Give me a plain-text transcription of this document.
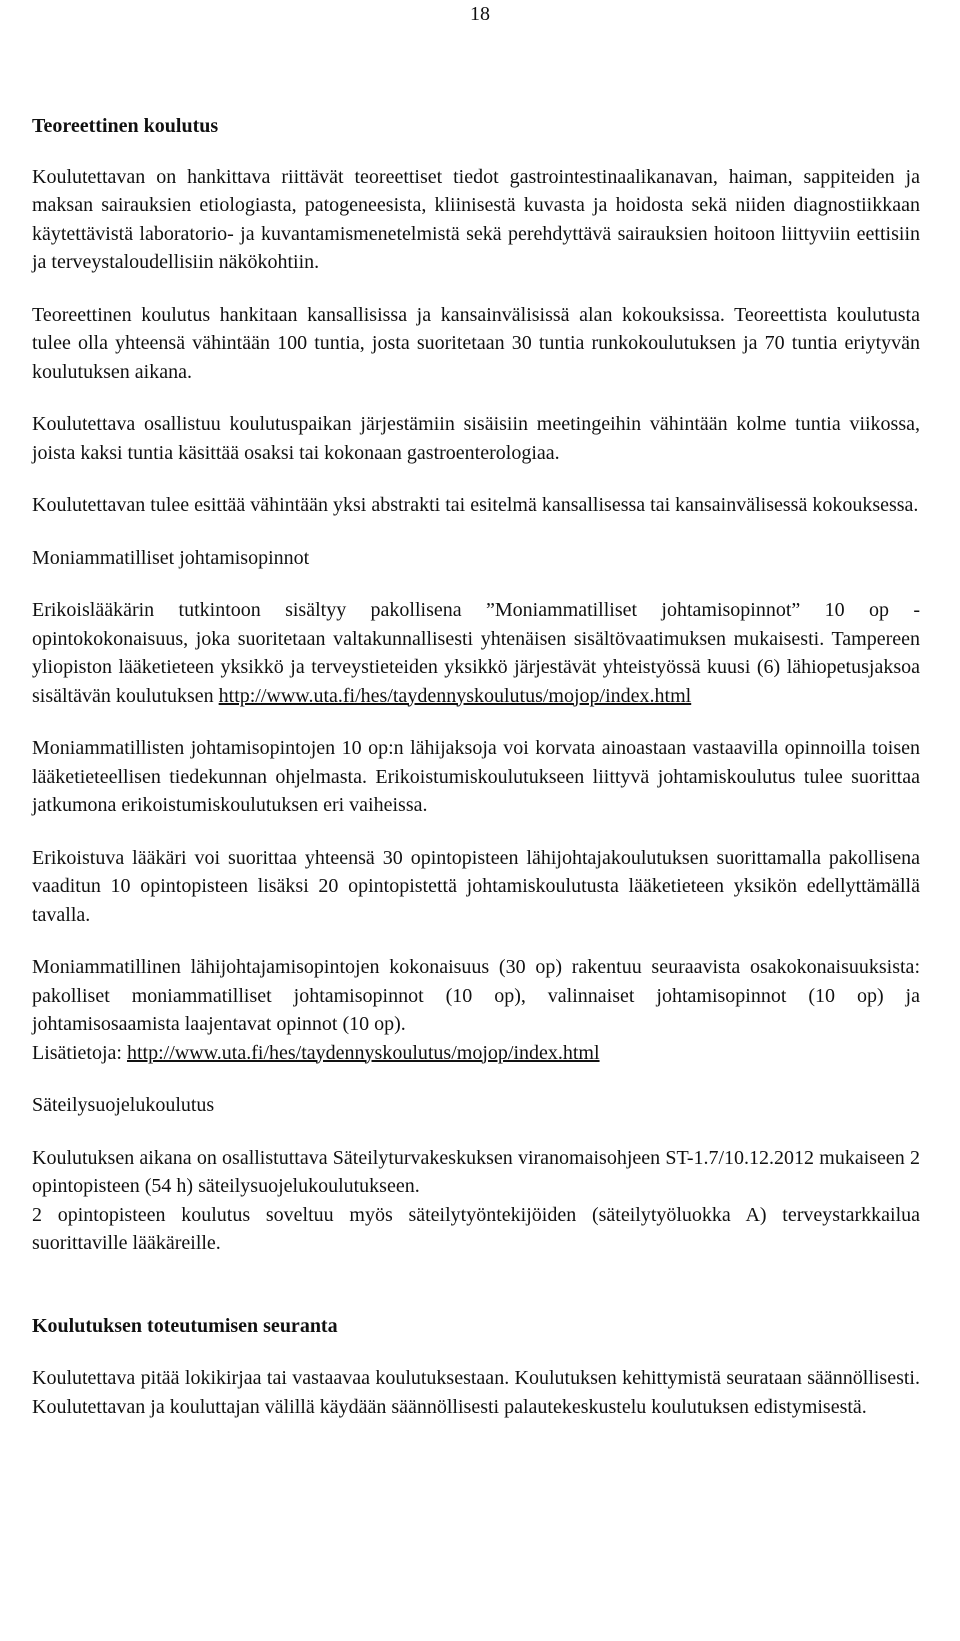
18
Teoreettinen koulutus

Koulutettavan on hankittava riittävät teoreettiset tiedot gastrointestinaalikanavan, haiman, sappiteiden ja maksan sairauksien etiologiasta, patogeneesista, kliinisestä kuvasta ja hoidosta sekä niiden diagnostiikkaan käytettävistä laboratorio- ja kuvantamismenetelmistä sekä perehdyttävä sairauksien hoitoon liittyviin eettisiin ja terveystaloudellisiin näkökohtiin.

Teoreettinen koulutus hankitaan kansallisissa ja kansainvälisissä alan kokouksissa. Teoreettista koulutusta tulee olla yhteensä vähintään 100 tuntia, josta suoritetaan 30 tuntia runkokoulutuksen ja 70 tuntia eriytyvän koulutuksen aikana.

Koulutettava osallistuu koulutuspaikan järjestämiin sisäisiin meetingeihin vähintään kolme tuntia viikossa, joista kaksi tuntia käsittää osaksi tai kokonaan gastroenterologiaa.

Koulutettavan tulee esittää vähintään yksi abstrakti tai esitelmä kansallisessa tai kansainvälisessä kokouksessa.

Moniammatilliset johtamisopinnot

Erikoislääkärin tutkintoon sisältyy pakollisena ”Moniammatilliset johtamisopinnot” 10 op -opintokokonaisuus, joka suoritetaan valtakunnallisesti yhtenäisen sisältövaatimuksen mukaisesti. Tampereen yliopiston lääketieteen yksikkö ja terveystieteiden yksikkö järjestävät yhteistyössä kuusi (6) lähiopetusjaksoa sisältävän koulutuksen http://www.uta.fi/hes/taydennyskoulutus/mojop/index.html

Moniammatillisten johtamisopintojen 10 op:n lähijaksoja voi korvata ainoastaan vastaavilla opinnoilla toisen lääketieteellisen tiedekunnan ohjelmasta. Erikoistumiskoulutukseen liittyvä johtamiskoulutus tulee suorittaa jatkumona erikoistumiskoulutuksen eri vaiheissa.

Erikoistuva lääkäri voi suorittaa yhteensä 30 opintopisteen lähijohtajakoulutuksen suorittamalla pakollisena vaaditun 10 opintopisteen lisäksi 20 opintopistettä johtamiskoulutusta lääketieteen yksikön edellyttämällä tavalla.

Moniammatillinen lähijohtajamisopintojen kokonaisuus (30 op) rakentuu seuraavista osakokonaisuuksista: pakolliset moniammatilliset johtamisopinnot (10 op), valinnaiset johtamisopinnot (10 op) ja johtamisosaamista laajentavat opinnot (10 op).
Lisätietoja: http://www.uta.fi/hes/taydennyskoulutus/mojop/index.html

Säteilysuojelukoulutus

Koulutuksen aikana on osallistuttava Säteilyturvakeskuksen viranomaisohjeen ST-1.7/10.12.2012 mukaiseen 2 opintopisteen (54 h) säteilysuojelukoulutukseen.

2 opintopisteen koulutus soveltuu myös säteilytyöntekijöiden (säteilytyöluokka A) terveystarkkailua suorittaville lääkäreille.

Koulutuksen toteutumisen seuranta

Koulutettava pitää lokikirjaa tai vastaavaa koulutuksestaan. Koulutuksen kehittymistä seurataan säännöllisesti. Koulutettavan ja kouluttajan välillä käydään säännöllisesti palautekeskustelu koulutuksen edistymisestä.
